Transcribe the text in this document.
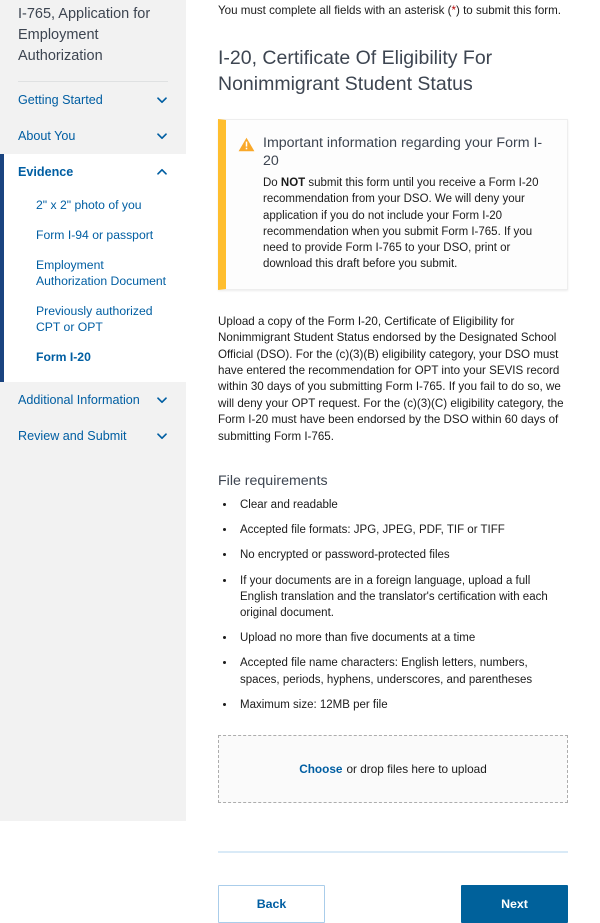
I-765, Application for Employment Authorization
Getting Started
About You
Evidence
2" x 2" photo of you
Form I-94 or passport
Employment Authorization Document
Previously authorized CPT or OPT
Form I-20
Additional Information
Review and Submit

You must complete all fields with an asterisk (*) to submit this form.

I-20, Certificate Of Eligibility For Nonimmigrant Student Status

Important information regarding your Form I-20

Do NOT submit this form until you receive a Form I-20 recommendation from your DSO. We will deny your application if you do not include your Form I-20 recommendation when you submit Form I-765. If you need to provide Form I-765 to your DSO, print or download this draft before you submit.

Upload a copy of the Form I-20, Certificate of Eligibility for Nonimmigrant Student Status endorsed by the Designated School Official (DSO). For the (c)(3)(B) eligibility category, your DSO must have entered the recommendation for OPT into your SEVIS record within 30 days of you submitting Form I-765. If you fail to do so, we will deny your OPT request. For the (c)(3)(C) eligibility category, the Form I-20 must have been endorsed by the DSO within 60 days of submitting Form I-765.

File requirements
• Clear and readable
• Accepted file formats: JPG, JPEG, PDF, TIF or TIFF
• No encrypted or password-protected files
• If your documents are in a foreign language, upload a full English translation and the translator's certification with each original document.
• Upload no more than five documents at a time
• Accepted file name characters: English letters, numbers, spaces, periods, hyphens, underscores, and parentheses
• Maximum size: 12MB per file
Choose or drop files here to upload
Back	Next
